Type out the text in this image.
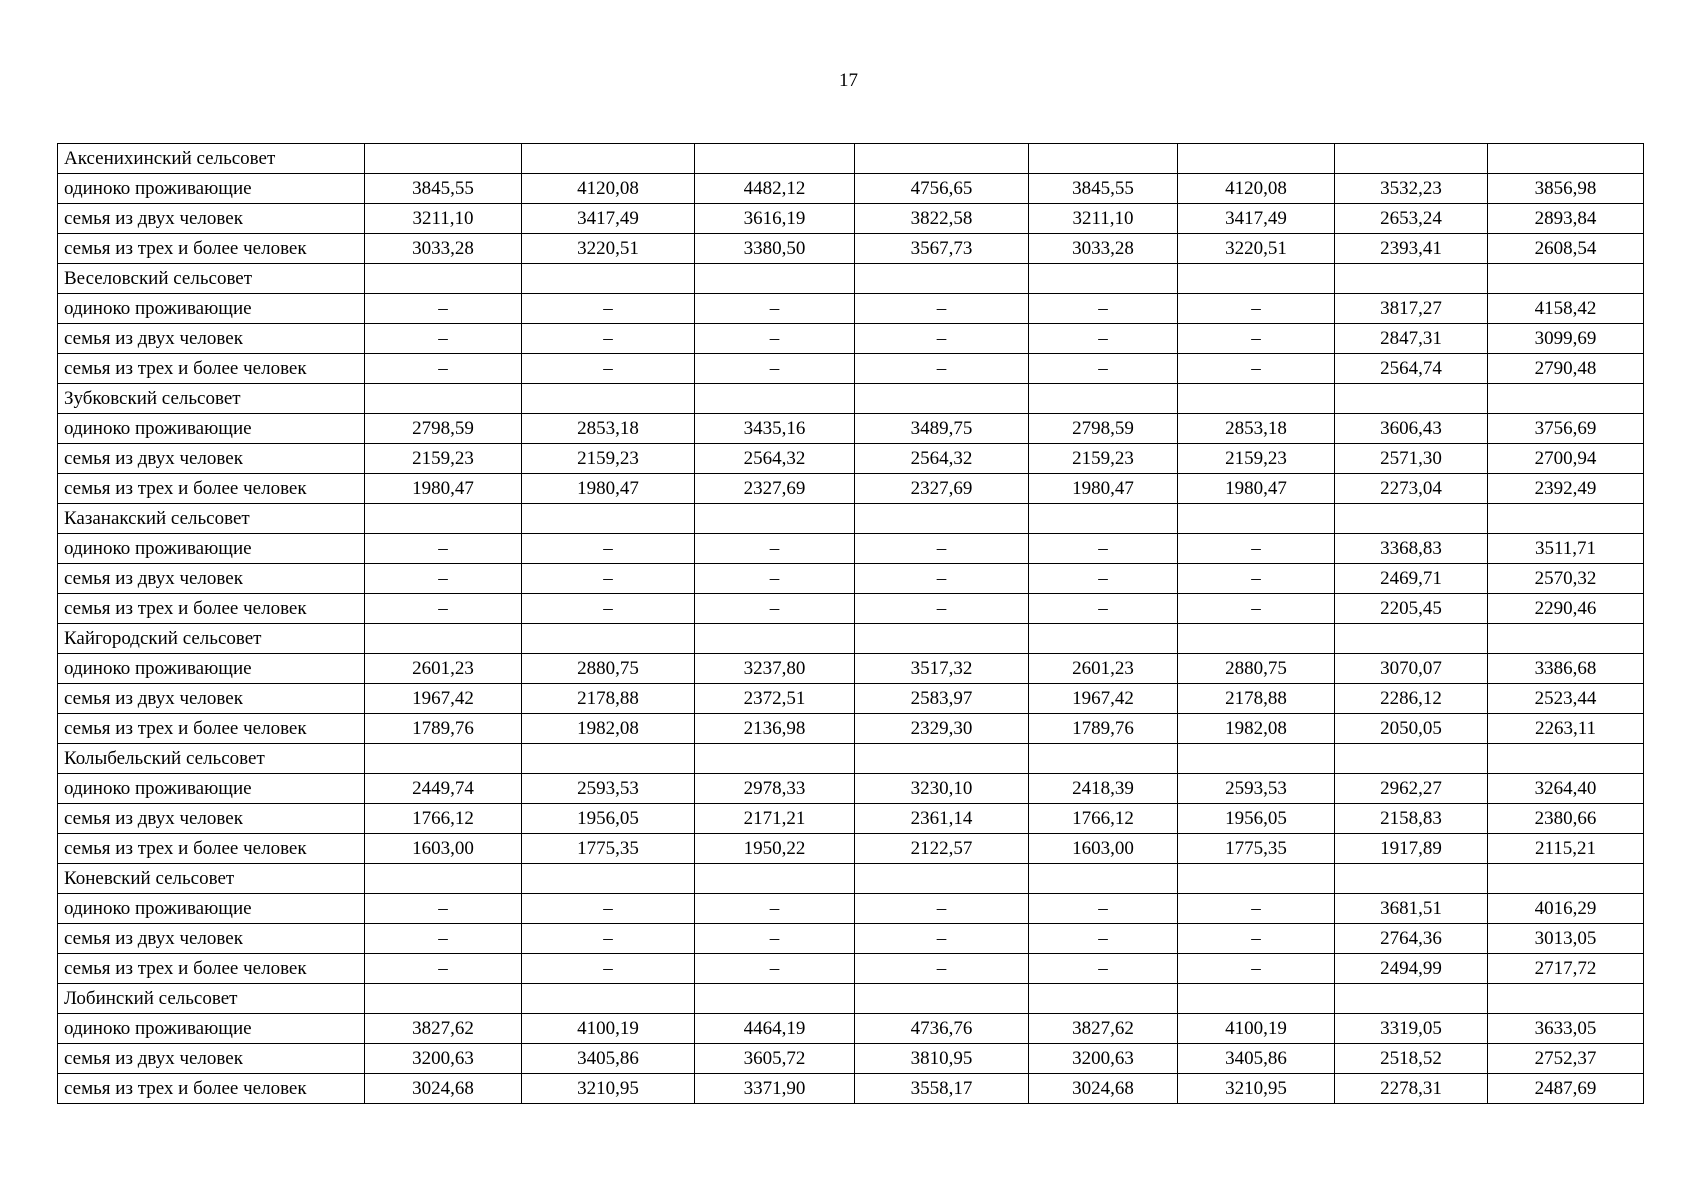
17
Аксенихинский сельсовет								
одиноко проживающие	3845,55	4120,08	4482,12	4756,65	3845,55	4120,08	3532,23	3856,98
семья из двух человек	3211,10	3417,49	3616,19	3822,58	3211,10	3417,49	2653,24	2893,84
семья из трех и более человек	3033,28	3220,51	3380,50	3567,73	3033,28	3220,51	2393,41	2608,54
Веселовский сельсовет								
одиноко проживающие	–	–	–	–	–	–	3817,27	4158,42
семья из двух человек	–	–	–	–	–	–	2847,31	3099,69
семья из трех и более человек	–	–	–	–	–	–	2564,74	2790,48
Зубковский сельсовет								
одиноко проживающие	2798,59	2853,18	3435,16	3489,75	2798,59	2853,18	3606,43	3756,69
семья из двух человек	2159,23	2159,23	2564,32	2564,32	2159,23	2159,23	2571,30	2700,94
семья из трех и более человек	1980,47	1980,47	2327,69	2327,69	1980,47	1980,47	2273,04	2392,49
Казанакский сельсовет								
одиноко проживающие	–	–	–	–	–	–	3368,83	3511,71
семья из двух человек	–	–	–	–	–	–	2469,71	2570,32
семья из трех и более человек	–	–	–	–	–	–	2205,45	2290,46
Кайгородский сельсовет								
одиноко проживающие	2601,23	2880,75	3237,80	3517,32	2601,23	2880,75	3070,07	3386,68
семья из двух человек	1967,42	2178,88	2372,51	2583,97	1967,42	2178,88	2286,12	2523,44
семья из трех и более человек	1789,76	1982,08	2136,98	2329,30	1789,76	1982,08	2050,05	2263,11
Колыбельский сельсовет								
одиноко проживающие	2449,74	2593,53	2978,33	3230,10	2418,39	2593,53	2962,27	3264,40
семья из двух человек	1766,12	1956,05	2171,21	2361,14	1766,12	1956,05	2158,83	2380,66
семья из трех и более человек	1603,00	1775,35	1950,22	2122,57	1603,00	1775,35	1917,89	2115,21
Коневский сельсовет								
одиноко проживающие	–	–	–	–	–	–	3681,51	4016,29
семья из двух человек	–	–	–	–	–	–	2764,36	3013,05
семья из трех и более человек	–	–	–	–	–	–	2494,99	2717,72
Лобинский сельсовет								
одиноко проживающие	3827,62	4100,19	4464,19	4736,76	3827,62	4100,19	3319,05	3633,05
семья из двух человек	3200,63	3405,86	3605,72	3810,95	3200,63	3405,86	2518,52	2752,37
семья из трех и более человек	3024,68	3210,95	3371,90	3558,17	3024,68	3210,95	2278,31	2487,69
